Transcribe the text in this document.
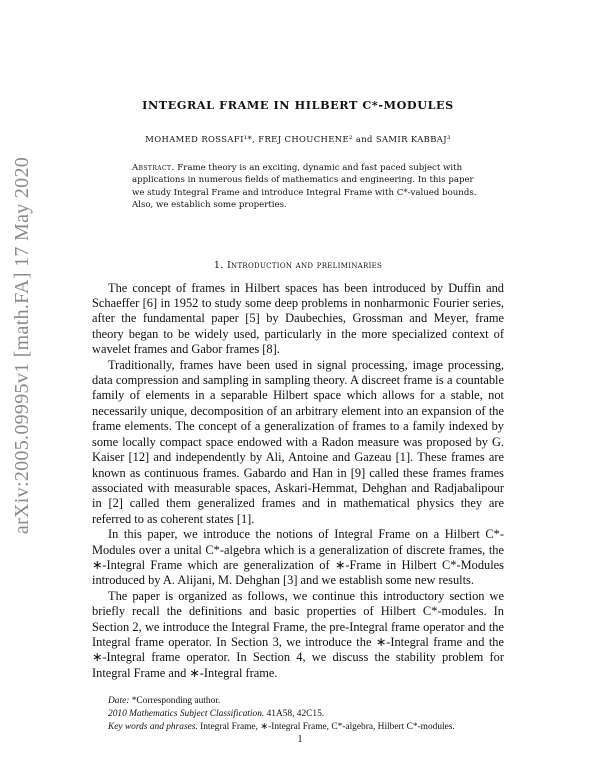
arXiv:2005.09995v1 [math.FA] 17 May 2020
INTEGRAL FRAME IN HILBERT C*-MODULES

MOHAMED ROSSAFI¹*, FREJ CHOUCHENE² and SAMIR KABBAJ³

Abstract. Frame theory is an exciting, dynamic and fast paced subject with applications in numerous fields of mathematics and engineering. In this paper we study Integral Frame and introduce Integral Frame with C*-valued bounds. Also, we establich some properties.

1. Introduction and preliminaries

The concept of frames in Hilbert spaces has been introduced by Duffin and Schaeffer [6] in 1952 to study some deep problems in nonharmonic Fourier series, after the fundamental paper [5] by Daubechies, Grossman and Meyer, frame theory began to be widely used, particularly in the more specialized context of wavelet frames and Gabor frames [8].

Traditionally, frames have been used in signal processing, image processing, data compression and sampling in sampling theory. A discreet frame is a countable family of elements in a separable Hilbert space which allows for a stable, not necessarily unique, decomposition of an arbitrary element into an expansion of the frame elements. The concept of a generalization of frames to a family indexed by some locally compact space endowed with a Radon measure was proposed by G. Kaiser [12] and independently by Ali, Antoine and Gazeau [1]. These frames are known as continuous frames. Gabardo and Han in [9] called these frames frames associated with measurable spaces, Askari-Hemmat, Dehghan and Radjabalipour in [2] called them generalized frames and in mathematical physics they are referred to as coherent states [1].

In this paper, we introduce the notions of Integral Frame on a Hilbert C*-Modules over a unital C*-algebra which is a generalization of discrete frames, the ∗-Integral Frame which are generalization of ∗-Frame in Hilbert C*-Modules introduced by A. Alijani, M. Dehghan [3] and we establish some new results.

The paper is organized as follows, we continue this introductory section we briefly recall the definitions and basic properties of Hilbert C*-modules. In Section 2, we introduce the Integral Frame, the pre-Integral frame operator and the Integral frame operator. In Section 3, we introduce the ∗-Integral frame and the ∗-Integral frame operator. In Section 4, we discuss the stability problem for Integral Frame and ∗-Integral frame.

Date: *Corresponding author.

2010 Mathematics Subject Classification. 41A58, 42C15.

Key words and phrases. Integral Frame, ∗-Integral Frame, C*-algebra, Hilbert C*-modules.

1
